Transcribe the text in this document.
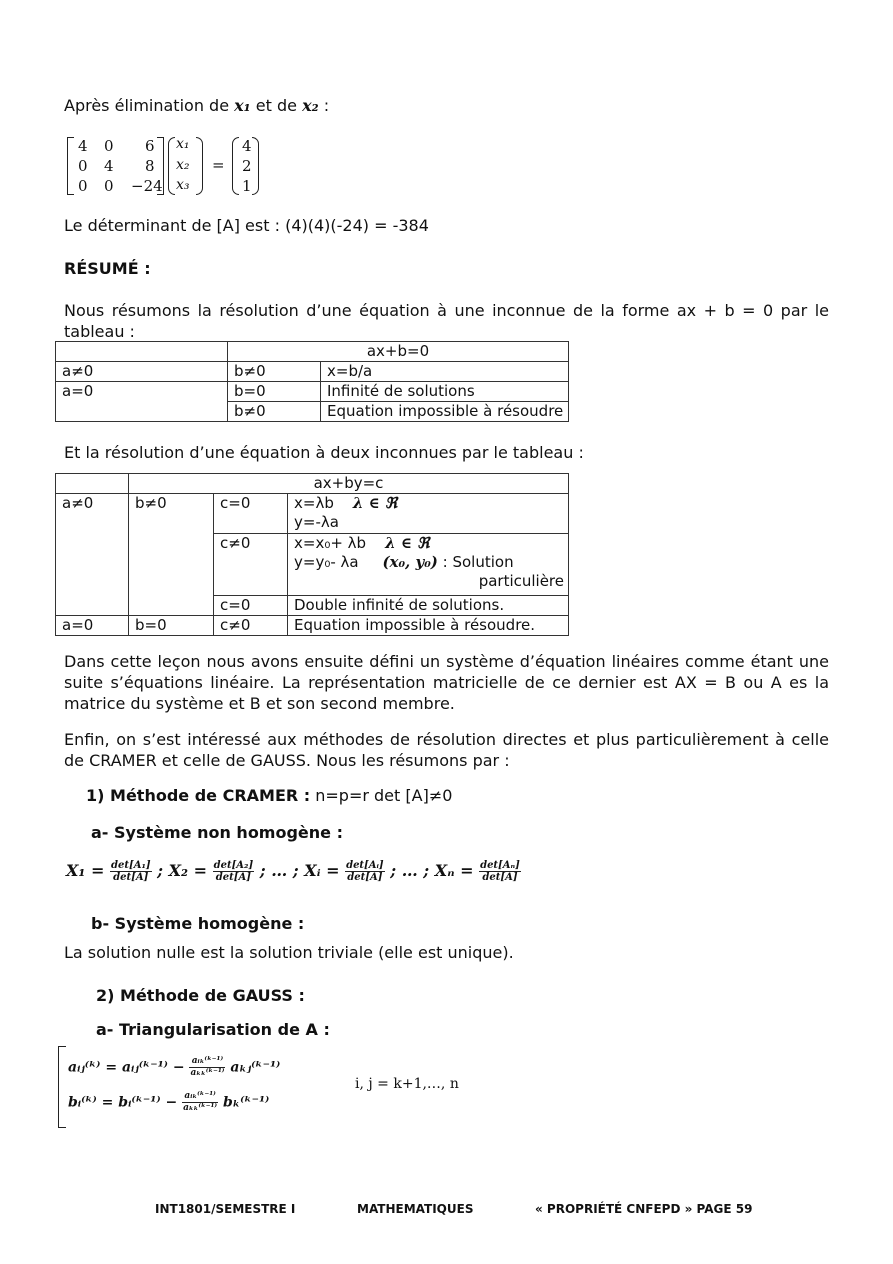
Après élimination de x₁ et de x₂ :
4 0 6
0 4 8
0 0 −24
x₁
x₂
x₃
=
4
2
1
Le déterminant de [A] est : (4)(4)(-24) = -384
RÉSUMÉ :
Nous résumons la résolution d’une équation à une inconnue de la forme ax + b = 0 par le tableau :
	ax+b=0	
a≠0	b≠0	x=b/a
a=0	b=0	Infinité de solutions
	b≠0	Equation impossible à résoudre
Et la résolution d’une équation à deux inconnues par le tableau :
	ax+by=c		
a≠0	b≠0	c=0	x=λb λ ∈ ℜ
y=-λa

		c≠0	x=x₀+ λb λ ∈ ℜ
y=y₀- λa (x₀, y₀) : Solution
particulière

		c=0	Double infinité de solutions.
a=0	b=0	c≠0	Equation impossible à résoudre.
Dans cette leçon nous avons ensuite défini un système d’équation linéaires comme étant une suite s’équations linéaire. La représentation matricielle de ce dernier est AX = B ou A es la matrice du système et B et son second membre.
Enfin, on s’est intéressé aux méthodes de résolution directes et plus particulièrement à celle de CRAMER et celle de GAUSS. Nous les résumons par :
1) Méthode de CRAMER : n=p=r det [A]≠0
a- Système non homogène :
$X_1 = \frac{\text{det[A₁]}}{\det[A]}$ ; $X_2 = \frac{\text{det[A₂]}}{\det[A]}$ ; … ; Xᵢ = $\frac{\text{det[Aᵢ]}}{\det[A]}$ ; … ; $X_n = \frac{\text{det[Aₙ]}}{\det[A]}$
b- Système homogène :
La solution nulle est la solution triviale (elle est unique).
2) Méthode de GAUSS :
a- Triangularisation de A :
aᵢⱼ⁽ᵏ⁾ = aᵢⱼ⁽ᵏ⁻¹⁾ − $\frac{\text{aᵢₖ⁽ᵏ⁻¹⁾}}{\text{aₖₖ⁽ᵏ⁻¹⁾}}$ aₖⱼ⁽ᵏ⁻¹⁾
bᵢ⁽ᵏ⁾ = bᵢ⁽ᵏ⁻¹⁾ − $\frac{\text{aᵢₖ⁽ᵏ⁻¹⁾}}{\text{aₖₖ⁽ᵏ⁻¹⁾}}$ bₖ⁽ᵏ⁻¹⁾
i, j = k+1,…, n
INT1801/SEMESTRE I	MATHEMATIQUES	« PROPRIÉTÉ CNFEPD » PAGE 59
